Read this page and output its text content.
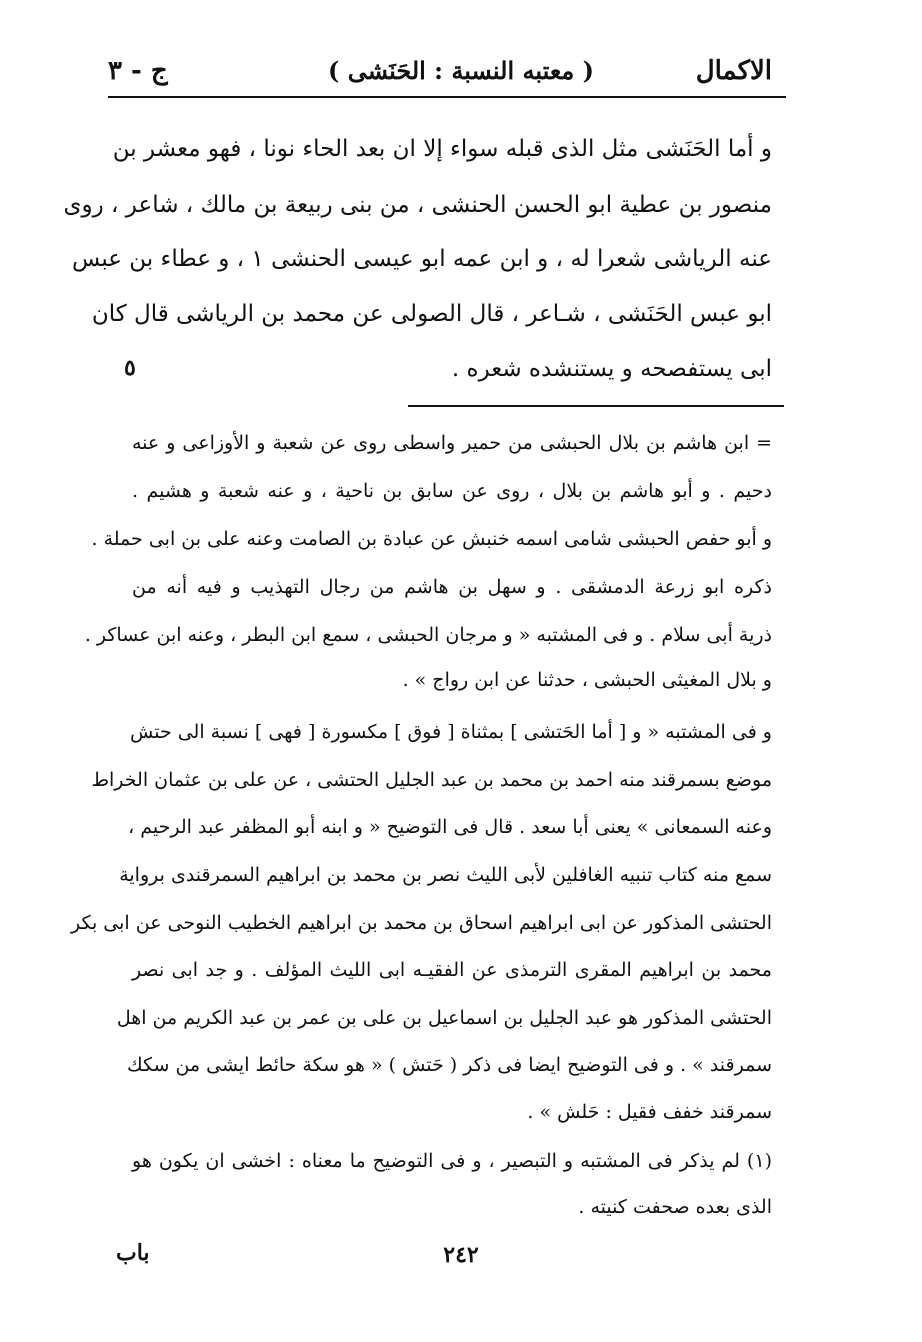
الاكمال
( معتبه النسبة : الحَنَشى )
ج - ٣
و أما الحَنَشى مثل الذى قبله سواء إلا ان بعد الحاء نونا ، فهو معشر بن
منصور بن عطية ابو الحسن الحنشى ، من بنى ربيعة بن مالك ، شاعر ، روى
عنه الرياشى شعرا له ، و ابن عمه ابو عيسى الحنشى ١ ، و عطاء بن عبس
ابو عبس الحَنَشى ، شـاعر ، قال الصولى عن محمد بن الرياشى قال كان
ابى يستفصحه و يستنشده شعره .
٥
= ابن هاشم بن بلال الحبشى من حمير واسطى روى عن شعبة و الأوزاعى و عنه
دحيم . و أبو هاشم بن بلال ، روى عن سابق بن ناحية ، و عنه شعبة و هشيم .
و أبو حفص الحبشى شامى اسمه خنبش عن عبادة بن الصامت وعنه على بن ابى حملة .
ذكره ابو زرعة الدمشقى . و سهل بن هاشم من رجال التهذيب و فيه أنه من
ذرية أبى سلام . و فى المشتبه « و مرجان الحبشى ، سمع ابن البطر ، وعنه ابن عساكر .
و بلال المغيثى الحبشى ، حدثنا عن ابن رواج » .
و فى المشتبه « و [ أما الحَتشى ] بمثناة [ فوق ] مكسورة [ فهى ] نسبة الى حتش
موضع بسمرقند منه احمد بن محمد بن عبد الجليل الحتشى ، عن على بن عثمان الخراط
وعنه السمعانى » يعنى أبا سعد . قال فى التوضيح « و ابنه أبو المظفر عبد الرحيم ،
سمع منه كتاب تنبيه الغافلين لأبى الليث نصر بن محمد بن ابراهيم السمرقندى برواية
الحتشى المذكور عن ابى ابراهيم اسحاق بن محمد بن ابراهيم الخطيب النوحى عن ابى بكر
محمد بن ابراهيم المقرى الترمذى عن الفقيـه ابى الليث المؤلف . و جد ابى نصر
الحتشى المذكور هو عبد الجليل بن اسماعيل بن على بن عمر بن عبد الكريم من اهل
سمرقند » . و فى التوضيح ايضا فى ذكر ( حَتش ) « هو سكة حائط ايشى من سكك
سمرقند خفف فقيل : حَلش » .
(١) لم يذكر فى المشتبه و التبصير ، و فى التوضيح ما معناه : اخشى ان يكون هو
الذى بعده صحفت كنيته .
باب	٢٤٢
